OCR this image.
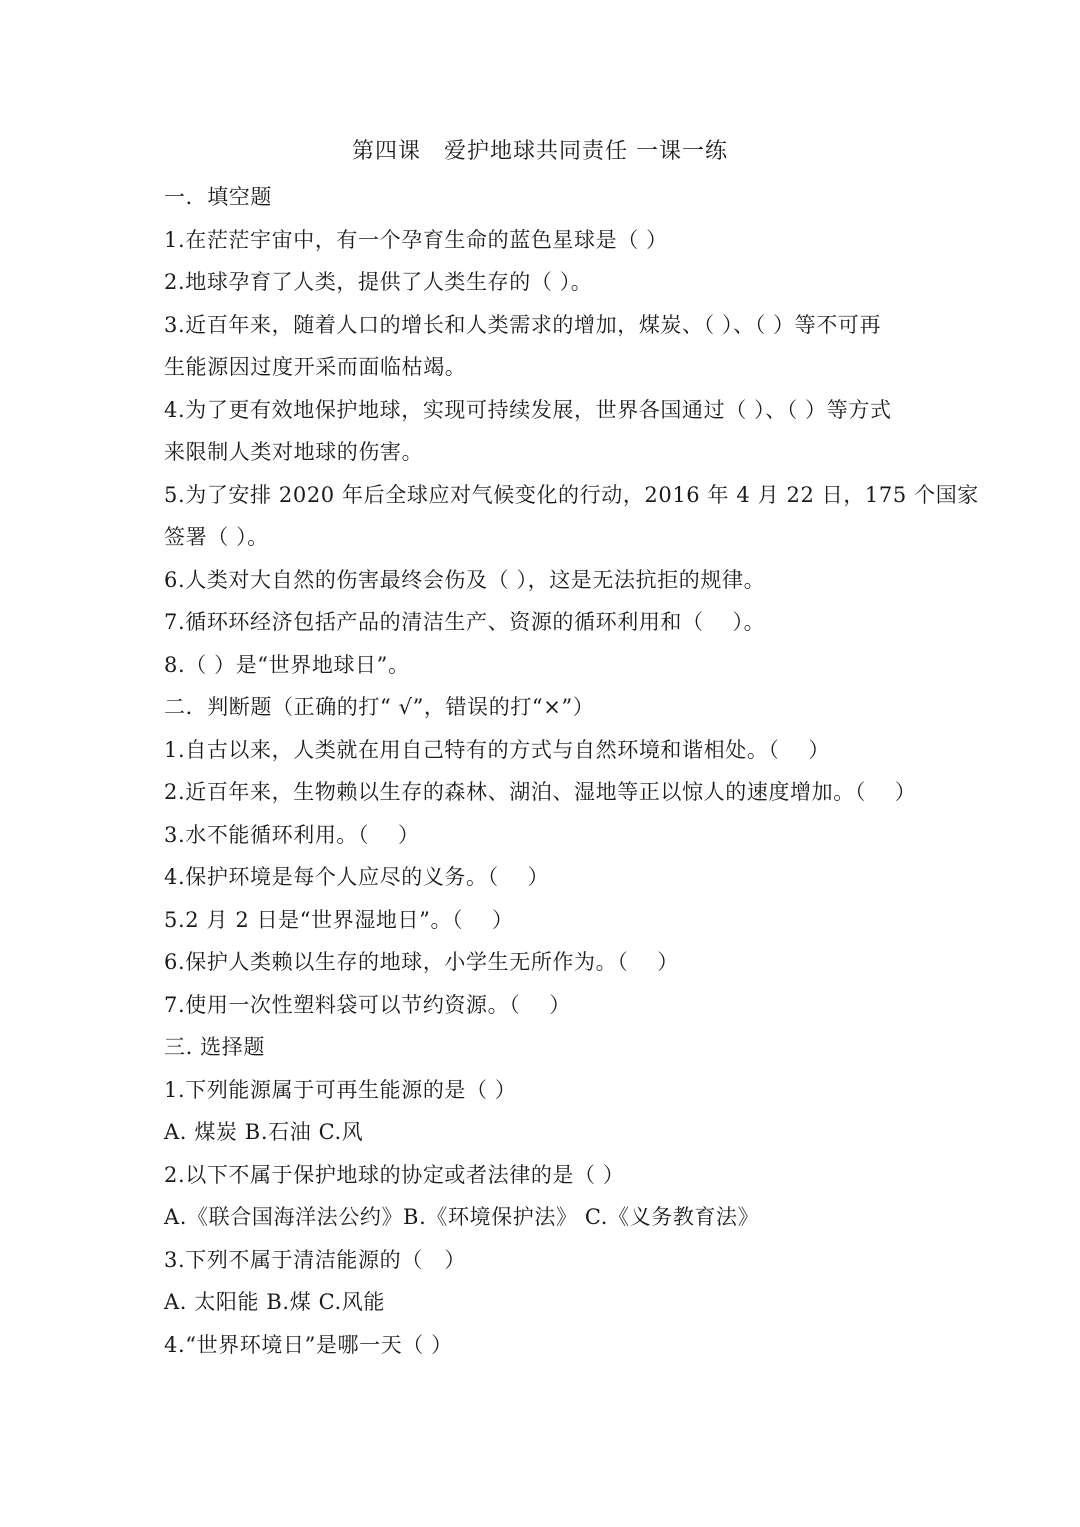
第四课　爱护地球共同责任 一课一练
一．填空题
1.在茫茫宇宙中，有一个孕育生命的蓝色星球是（ ）
2.地球孕育了人类，提供了人类生存的（ ）。
3.近百年来，随着人口的增长和人类需求的增加，煤炭、（ ）、（ ）等不可再
生能源因过度开采而面临枯竭。
4.为了更有效地保护地球，实现可持续发展，世界各国通过（ ）、（ ）等方式
来限制人类对地球的伤害。
5.为了安排 2020 年后全球应对气候变化的行动，2016 年 4 月 22 日，175 个国家
签署（ ）。
6.人类对大自然的伤害最终会伤及（ ），这是无法抗拒的规律。
7.循环环经济包括产品的清洁生产、资源的循环利用和（　 ）。
8.（ ）是“世界地球日”。
二．判断题（正确的打“ √”，错误的打“×”）
1.自古以来，人类就在用自己特有的方式与自然环境和谐相处。（　 ）
2.近百年来，生物赖以生存的森林、湖泊、湿地等正以惊人的速度增加。（　 ）
3.水不能循环利用。（　 ）
4.保护环境是每个人应尽的义务。（　 ）
5.2 月 2 日是“世界湿地日”。（　 ）
6.保护人类赖以生存的地球，小学生无所作为。（　 ）
7.使用一次性塑料袋可以节约资源。（　 ）
三. 选择题
1.下列能源属于可再生能源的是（ ）
A. 煤炭 B.石油 C.风
2.以下不属于保护地球的协定或者法律的是（ ）
A.《联合国海洋法公约》B.《环境保护法》 C.《义务教育法》
3.下列不属于清洁能源的（　）
A. 太阳能 B.煤 C.风能
4.“世界环境日”是哪一天（ ）
